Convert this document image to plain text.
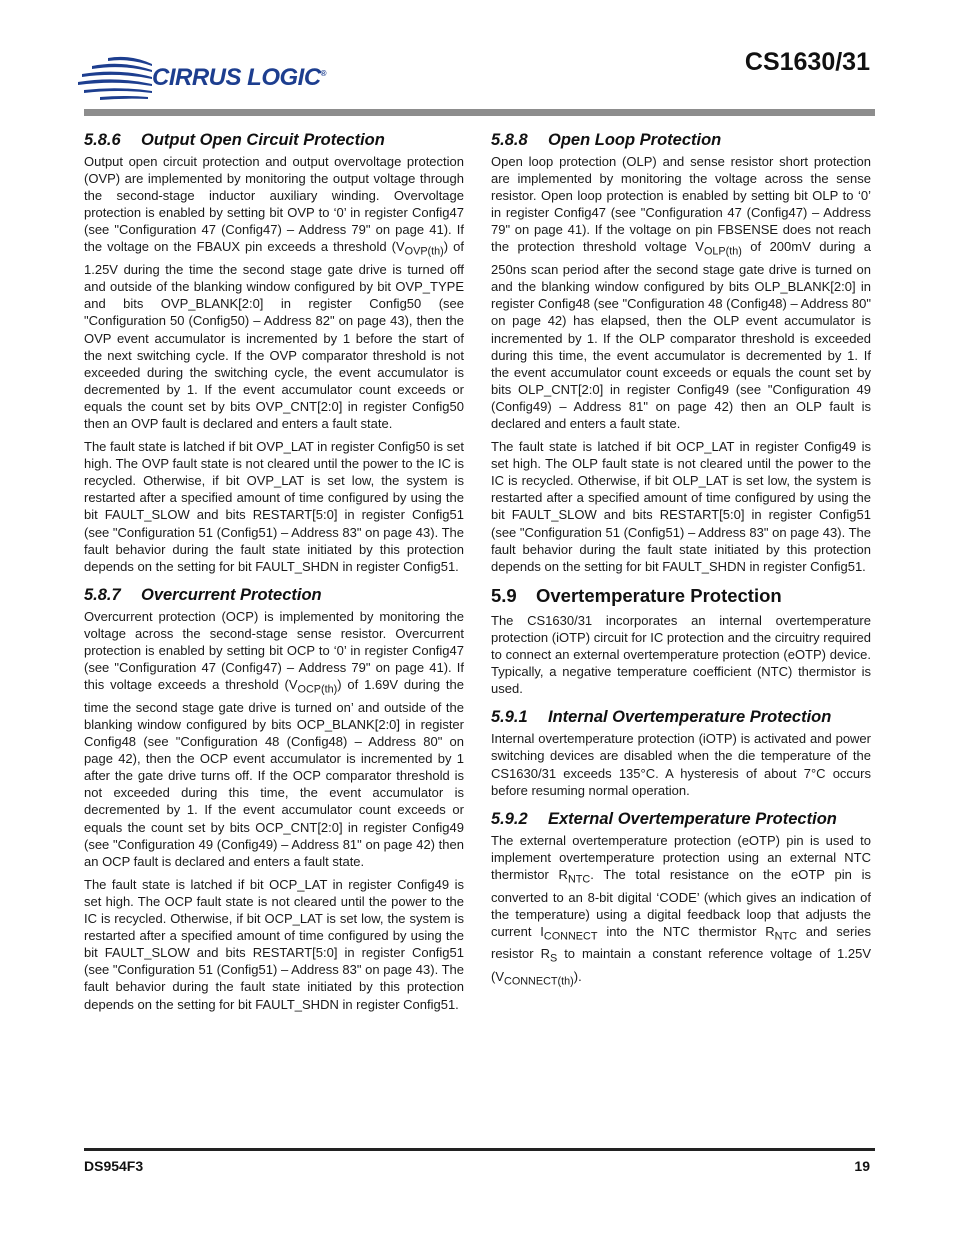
CIRRUS LOGIC®	CS1630/31
5.8.6 Output Open Circuit Protection

Output open circuit protection and output overvoltage protection (OVP) are implemented by monitoring the output voltage through the second-stage inductor auxiliary winding. Overvoltage protection is enabled by setting bit OVP to ‘0’ in register Config47 (see "Configuration 47 (Config47) – Address 79" on page 41). If the voltage on the FBAUX pin exceeds a threshold $(V_{OVP(th)})$ of 1.25V during the time the second stage gate drive is turned off and outside of the blanking window configured by bit OVP_TYPE and bits OVP_BLANK[2:0] in register Config50 (see "Configuration 50 (Config50) – Address 82" on page 43), then the OVP event accumulator is incremented by 1 before the start of the next switching cycle. If the OVP comparator threshold is not exceeded during the switching cycle, the event accumulator is decremented by 1. If the event accumulator count exceeds or equals the count set by bits OVP_CNT[2:0] in register Config50 then an OVP fault is declared and enters a fault state.

The fault state is latched if bit OVP_LAT in register Config50 is set high. The OVP fault state is not cleared until the power to the IC is recycled. Otherwise, if bit OVP_LAT is set low, the system is restarted after a specified amount of time configured by using the bit FAULT_SLOW and bits RESTART[5:0] in register Config51 (see "Configuration 51 (Config51) – Address 83" on page 43). The fault behavior during the fault state initiated by this protection depends on the setting for bit FAULT_SHDN in register Config51.

5.8.7 Overcurrent Protection

Overcurrent protection (OCP) is implemented by monitoring the voltage across the second-stage sense resistor. Overcurrent protection is enabled by setting bit OCP to ‘0’ in register Config47 (see "Configuration 47 (Config47) – Address 79" on page 41). If this voltage exceeds a threshold $(V_{OCP(th)})$ of 1.69V during the time the second stage gate drive is turned on’ and outside of the blanking window configured by bits OCP_BLANK[2:0] in register Config48 (see "Configuration 48 (Config48) – Address 80" on page 42), then the OCP event accumulator is incremented by 1 after the gate drive turns off. If the OCP comparator threshold is not exceeded during this time, the event accumulator is decremented by 1. If the event accumulator count exceeds or equals the count set by bits OCP_CNT[2:0] in register Config49 (see "Configuration 49 (Config49) – Address 81" on page 42) then an OCP fault is declared and enters a fault state.

The fault state is latched if bit OCP_LAT in register Config49 is set high. The OCP fault state is not cleared until the power to the IC is recycled. Otherwise, if bit OCP_LAT is set low, the system is restarted after a specified amount of time configured by using the bit FAULT_SLOW and bits RESTART[5:0] in register Config51 (see "Configuration 51 (Config51) – Address 83" on page 43). The fault behavior during the fault state initiated by this protection depends on the setting for bit FAULT_SHDN in register Config51.

5.8.8 Open Loop Protection

Open loop protection (OLP) and sense resistor short protection are implemented by monitoring the voltage across the sense resistor. Open loop protection is enabled by setting bit OLP to ‘0’ in register Config47 (see "Configuration 47 (Config47) – Address 79" on page 41). If the voltage on pin FBSENSE does not reach the protection threshold voltage $V_{OLP(th)}$ of 200mV during a 250ns scan period after the second stage gate drive is turned on and the blanking window configured by bits OLP_BLANK[2:0] in register Config48 (see "Configuration 48 (Config48) – Address 80" on page 42) has elapsed, then the OLP event accumulator is incremented by 1. If the OLP comparator threshold is exceeded during this time, the event accumulator is decremented by 1. If the event accumulator count exceeds or equals the count set by bits OLP_CNT[2:0] in register Config49 (see "Configuration 49 (Config49) – Address 81" on page 42) then an OLP fault is declared and enters a fault state.

The fault state is latched if bit OCP_LAT in register Config49 is set high. The OLP fault state is not cleared until the power to the IC is recycled. Otherwise, if bit OLP_LAT is set low, the system is restarted after a specified amount of time configured by using the bit FAULT_SLOW and bits RESTART[5:0] in register Config51 (see "Configuration 51 (Config51) – Address 83" on page 43). The fault behavior during the fault state initiated by this protection depends on the setting for bit FAULT_SHDN in register Config51.

5.9 Overtemperature Protection

The CS1630/31 incorporates an internal overtemperature protection (iOTP) circuit for IC protection and the circuitry required to connect an external overtemperature protection (eOTP) device. Typically, a negative temperature coefficient (NTC) thermistor is used.

5.9.1 Internal Overtemperature Protection

Internal overtemperature protection (iOTP) is activated and power switching devices are disabled when the die temperature of the CS1630/31 exceeds 135°C. A hysteresis of about 7°C occurs before resuming normal operation.

5.9.2 External Overtemperature Protection

The external overtemperature protection (eOTP) pin is used to implement overtemperature protection using an external NTC thermistor $R_{NTC}$. The total resistance on the eOTP pin is converted to an 8-bit digital ‘CODE’ (which gives an indication of the temperature) using a digital feedback loop that adjusts the current $I_{CONNECT}$ into the NTC thermistor $R_{NTC}$ and series resistor $R_S$ to maintain a constant reference voltage of 1.25V $(V_{CONNECT(th)})$.

DS954F3	19
